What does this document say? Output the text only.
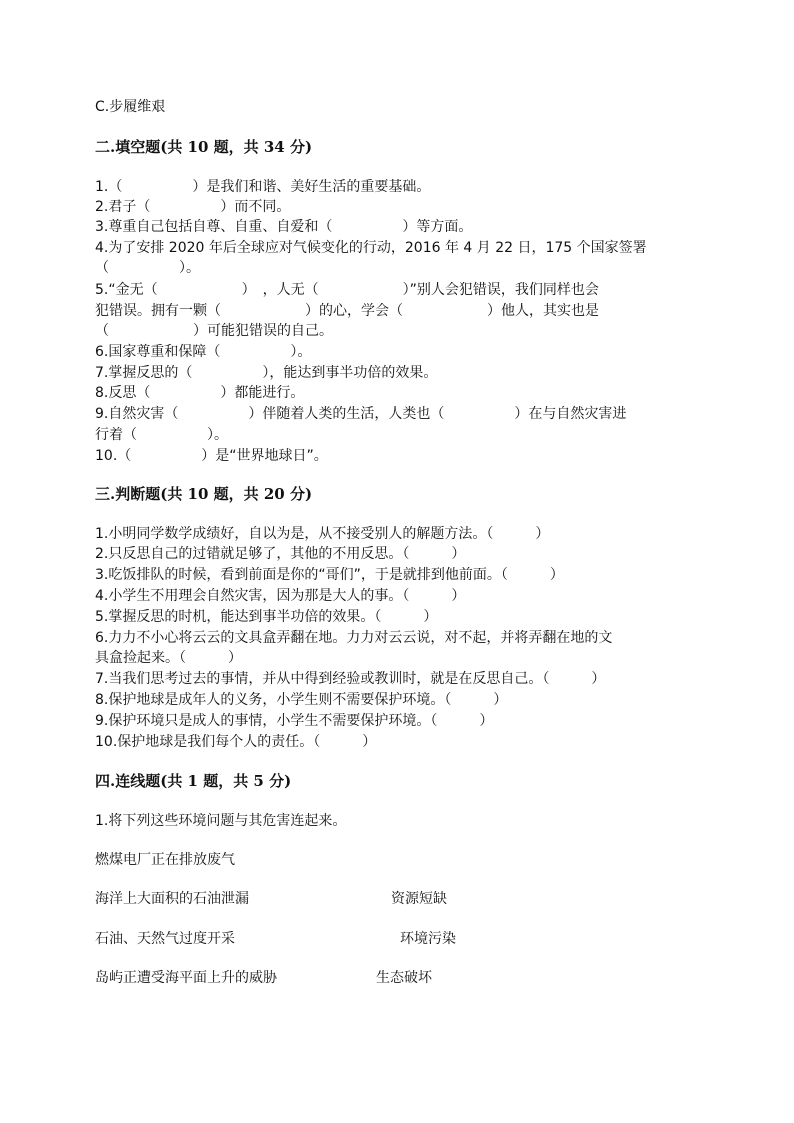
C.步履维艰
二.填空题(共 10 题，共 34 分)
1.（　　　　　）是我们和谐、美好生活的重要基础。
2.君子（　　　　　）而不同。
3.尊重自己包括自尊、自重、自爱和（　　　　　）等方面。
4.为了安排 2020 年后全球应对气候变化的行动，2016 年 4 月 22 日，175 个国家签署
（　　　　　）。
5.“金无（　　　　　　）　，人无（　　　　　　）”别人会犯错误，我们同样也会
犯错误。拥有一颗（　　　　　　）的心，学会（　　　　　　）他人，其实也是
（　　　　　　）可能犯错误的自己。
6.国家尊重和保障（　　　　　）。
7.掌握反思的（　　　　　），能达到事半功倍的效果。
8.反思（　　　　　）都能进行。
9.自然灾害（　　　　　）伴随着人类的生活，人类也（　　　　　）在与自然灾害进
行着（　　　　　）。
10.（　　　　　）是“世界地球日”。
三.判断题(共 10 题，共 20 分)
1.小明同学数学成绩好，自以为是，从不接受别人的解题方法。（　　　）
2.只反思自己的过错就足够了，其他的不用反思。（　　　）
3.吃饭排队的时候，看到前面是你的“哥们”，于是就排到他前面。（　　　）
4.小学生不用理会自然灾害，因为那是大人的事。（　　　）
5.掌握反思的时机，能达到事半功倍的效果。（　　　）
6.力力不小心将云云的文具盒弄翻在地。力力对云云说，对不起，并将弄翻在地的文
具盒捡起来。（　　　）
7.当我们思考过去的事情，并从中得到经验或教训时，就是在反思自己。（　　　）
8.保护地球是成年人的义务，小学生则不需要保护环境。（　　　）
9.保护环境只是成人的事情，小学生不需要保护环境。（　　　）
10.保护地球是我们每个人的责任。（　　　）
四.连线题(共 1 题，共 5 分)
1.将下列这些环境问题与其危害连起来。
燃煤电厂正在排放废气
海洋上大面积的石油泄漏	资源短缺
石油、天然气过度开采	环境污染
岛屿正遭受海平面上升的威胁	生态破坏
